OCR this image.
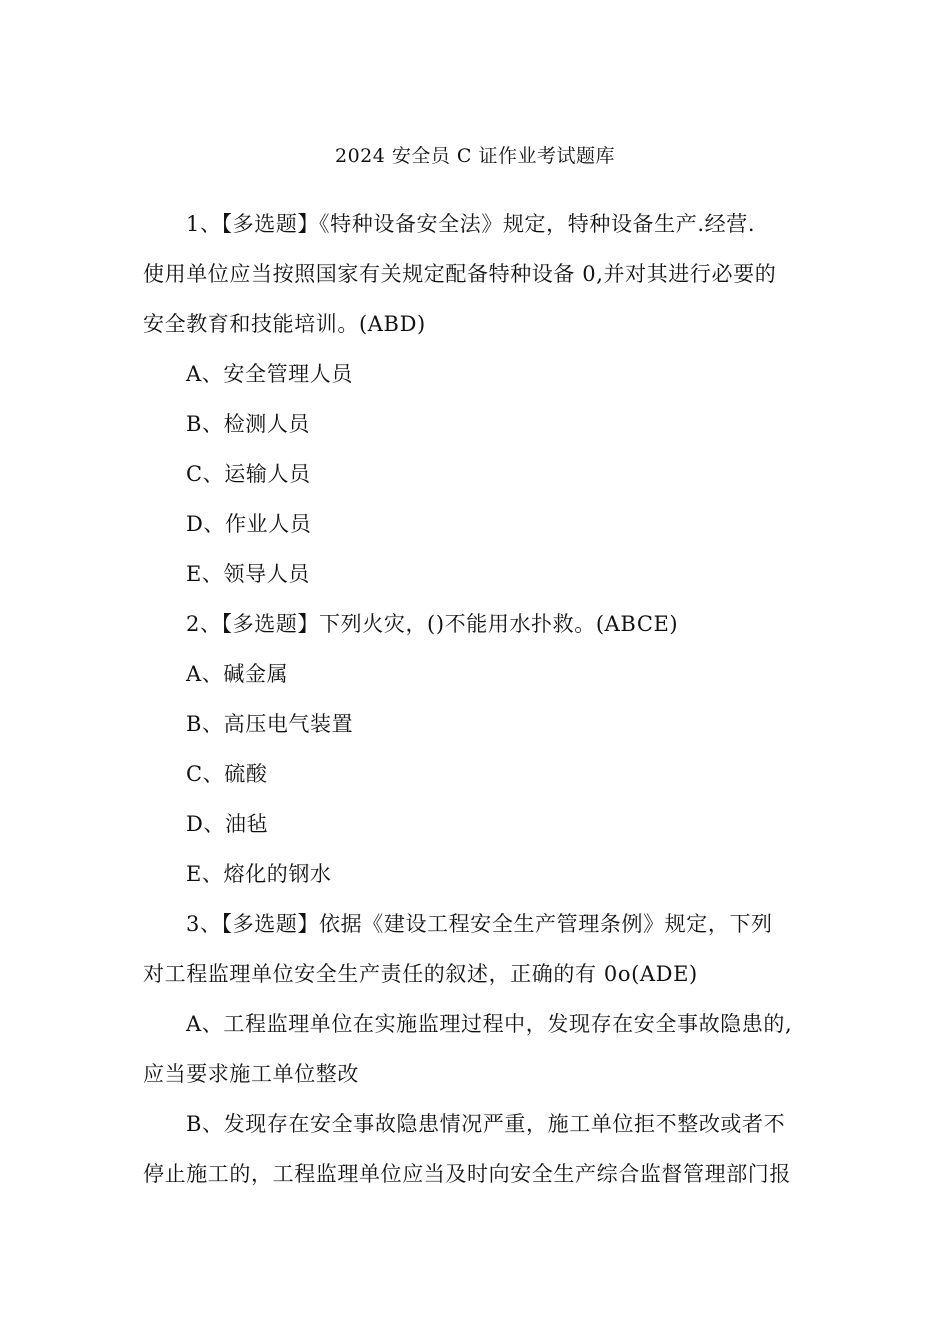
2024 安全员 C 证作业考试题库
1、【多选题】《特种设备安全法》规定，特种设备生产.经营.
使用单位应当按照国家有关规定配备特种设备 0,并对其进行必要的
安全教育和技能培训。(ABD)
A、安全管理人员
B、检测人员
C、运输人员
D、作业人员
E、领导人员
2、【多选题】下列火灾，()不能用水扑救。(ABCE)
A、碱金属
B、高压电气装置
C、硫酸
D、油毡
E、熔化的钢水
3、【多选题】依据《建设工程安全生产管理条例》规定，下列
对工程监理单位安全生产责任的叙述，正确的有 0o(ADE)
A、工程监理单位在实施监理过程中，发现存在安全事故隐患的,
应当要求施工单位整改
B、发现存在安全事故隐患情况严重，施工单位拒不整改或者不
停止施工的，工程监理单位应当及时向安全生产综合监督管理部门报
